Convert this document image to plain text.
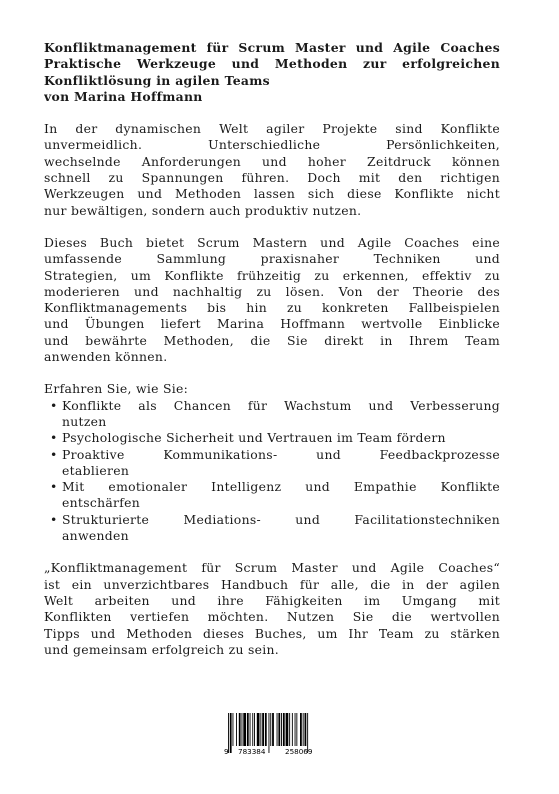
Konfliktmanagement für Scrum Master und Agile Coaches
Praktische Werkzeuge und Methoden zur erfolgreichen
Konfliktlösung in agilen Teams
von Marina Hoffmann
In der dynamischen Welt agiler Projekte sind Konflikte
unvermeidlich. Unterschiedliche Persönlichkeiten,
wechselnde Anforderungen und hoher Zeitdruck können
schnell zu Spannungen führen. Doch mit den richtigen
Werkzeugen und Methoden lassen sich diese Konflikte nicht
nur bewältigen, sondern auch produktiv nutzen.
Dieses Buch bietet Scrum Mastern und Agile Coaches eine
umfassende Sammlung praxisnaher Techniken und
Strategien, um Konflikte frühzeitig zu erkennen, effektiv zu
moderieren und nachhaltig zu lösen. Von der Theorie des
Konfliktmanagements bis hin zu konkreten Fallbeispielen
und Übungen liefert Marina Hoffmann wertvolle Einblicke
und bewährte Methoden, die Sie direkt in Ihrem Team
anwenden können.
Erfahren Sie, wie Sie:
• Konflikte als Chancen für Wachstum und Verbesserung
nutzen
• Psychologische Sicherheit und Vertrauen im Team fördern
• Proaktive Kommunikations- und Feedbackprozesse
etablieren
• Mit emotionaler Intelligenz und Empathie Konflikte
entschärfen
• Strukturierte Mediations- und Facilitationstechniken
anwenden
„Konfliktmanagement für Scrum Master und Agile Coaches“
ist ein unverzichtbares Handbuch für alle, die in der agilen
Welt arbeiten und ihre Fähigkeiten im Umgang mit
Konflikten vertiefen möchten. Nutzen Sie die wertvollen
Tipps und Methoden dieses Buches, um Ihr Team zu stärken
und gemeinsam erfolgreich zu sein.
9 783384	258069
